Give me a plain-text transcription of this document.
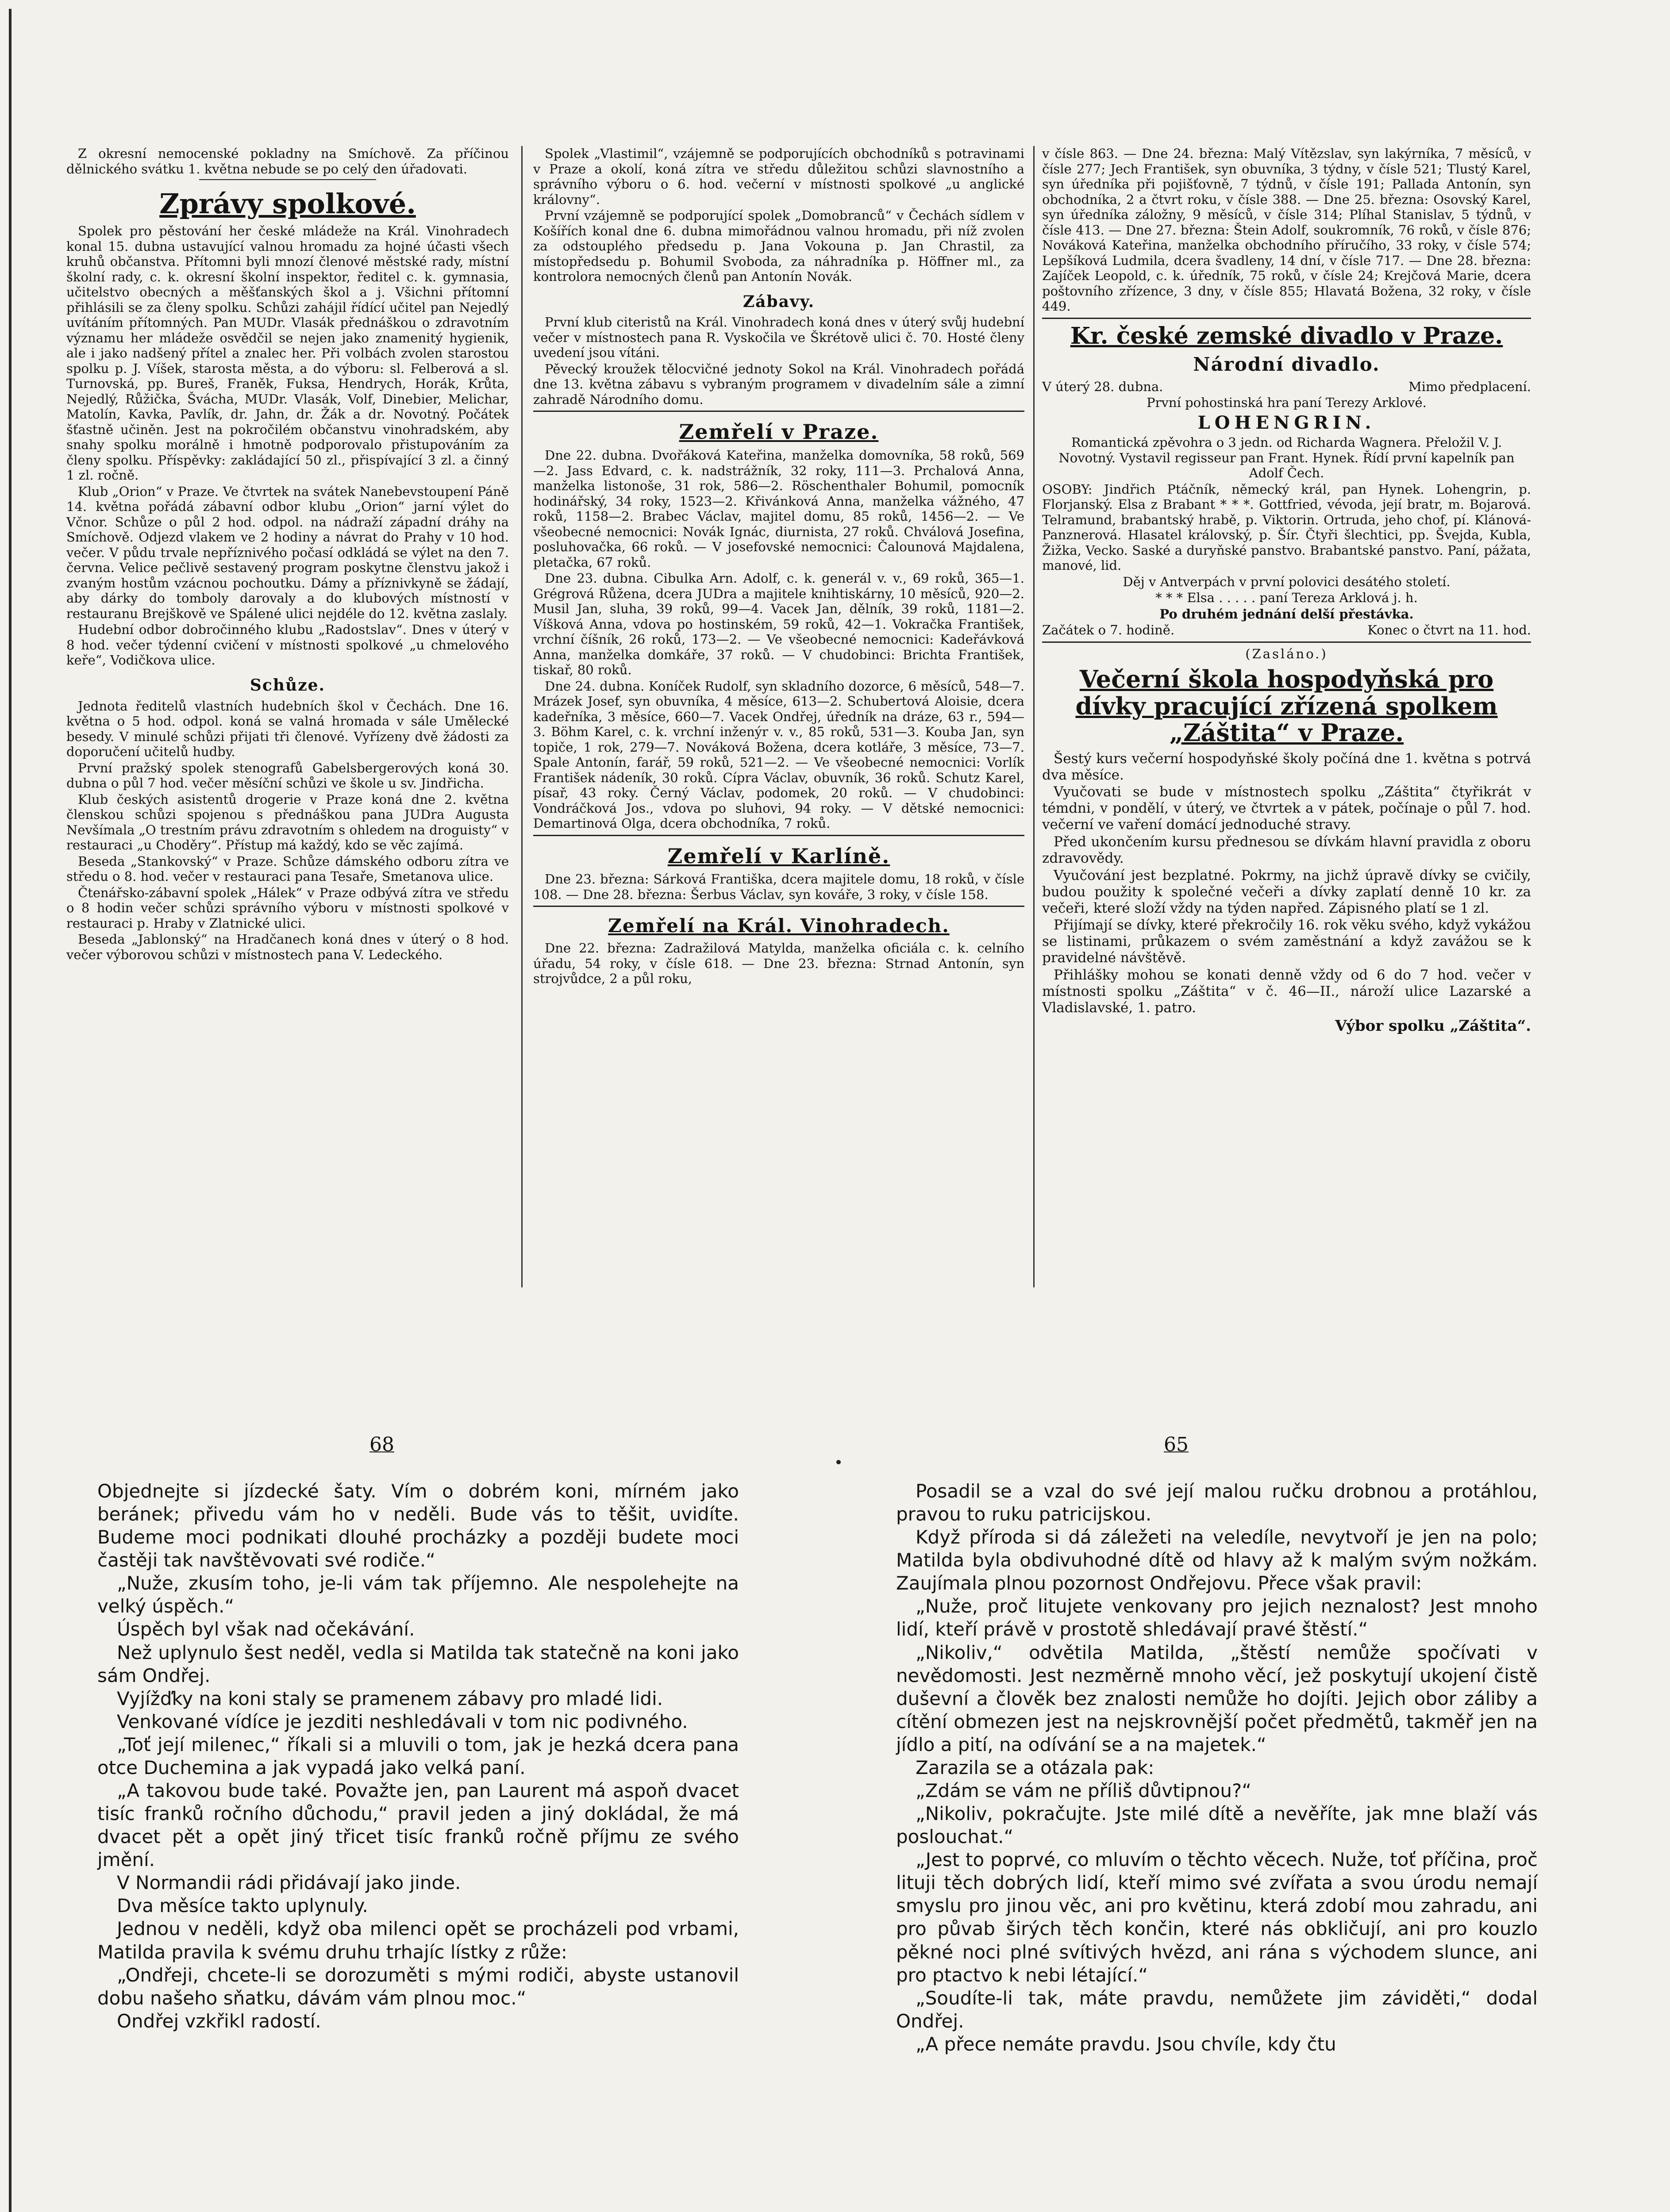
Z okresní nemocenské pokladny na Smíchově. Za příčinou dělnického svátku 1. května nebude se po celý den úřadovati.

Zprávy spolkové.

Spolek pro pěstování her české mládeže na Král. Vinohradech konal 15. dubna ustavující valnou hromadu za hojné účasti všech kruhů občanstva. Přítomni byli mnozí členové městské rady, místní školní rady, c. k. okresní školní inspektor, ředitel c. k. gymnasia, učitelstvo obecných a měšťanských škol a j. Všichni přítomní přihlásili se za členy spolku. Schůzi zahájil řídící učitel pan Nejedlý uvítáním přítomných. Pan MUDr. Vlasák přednáškou o zdravotním významu her mládeže osvědčil se nejen jako znamenitý hygienik, ale i jako nadšený přítel a znalec her. Při volbách zvolen starostou spolku p. J. Víšek, starosta města, a do výboru: sl. Felberová a sl. Turnovská, pp. Bureš, Franěk, Fuksa, Hendrych, Horák, Krůta, Nejedlý, Růžička, Švácha, MUDr. Vlasák, Volf, Dinebier, Melichar, Matolín, Kavka, Pavlík, dr. Jahn, dr. Žák a dr. Novotný. Počátek šťastně učiněn. Jest na pokročilém občanstvu vinohradském, aby snahy spolku morálně i hmotně podporovalo přistupováním za členy spolku. Příspěvky: zakládající 50 zl., přispívající 3 zl. a činný 1 zl. ročně.

Klub „Orion“ v Praze. Ve čtvrtek na svátek Nanebevstoupení Páně 14. května pořádá zábavní odbor klubu „Orion“ jarní výlet do Včnor. Schůze o půl 2 hod. odpol. na nádraží západní dráhy na Smíchově. Odjezd vlakem ve 2 hodiny a návrat do Prahy v 10 hod. večer. V půdu trvale nepříznivého počasí odkládá se výlet na den 7. června. Velice pečlivě sestavený program poskytne členstvu jakož i zvaným hostům vzácnou pochoutku. Dámy a příznivkyně se žádají, aby dárky do tomboly darovaly a do klubových místností v restauranu Brejškově ve Spálené ulici nejdéle do 12. května zaslaly.

Hudební odbor dobročinného klubu „Radostslav“. Dnes v úterý v 8 hod. večer týdenní cvičení v místnosti spolkové „u chmelového keře“, Vodičkova ulice.

Schůze.

Jednota ředitelů vlastních hudebních škol v Čechách. Dne 16. května o 5 hod. odpol. koná se valná hromada v sále Umělecké besedy. V minulé schůzi přijati tři členové. Vyřízeny dvě žádosti za doporučení učitelů hudby.

První pražský spolek stenografů Gabelsbergerových koná 30. dubna o půl 7 hod. večer měsíční schůzi ve škole u sv. Jindřicha.

Klub českých asistentů drogerie v Praze koná dne 2. května členskou schůzi spojenou s přednáškou pana JUDra Augusta Nevšímala „O trestním právu zdravotním s ohledem na droguisty“ v restauraci „u Choděry“. Přístup má každý, kdo se věc zajímá.

Beseda „Stankovský“ v Praze. Schůze dámského odboru zítra ve středu o 8. hod. večer v restauraci pana Tesaře, Smetanova ulice.

Čtenářsko-zábavní spolek „Hálek“ v Praze odbývá zítra ve středu o 8 hodin večer schůzi správního výboru v místnosti spolkové v restauraci p. Hraby v Zlatnické ulici.

Beseda „Jablonský“ na Hradčanech koná dnes v úterý o 8 hod. večer výborovou schůzi v místnostech pana V. Ledeckého.

Spolek „Vlastimil“, vzájemně se podporujících obchodníků s potravinami v Praze a okolí, koná zítra ve středu důležitou schůzi slavnostního a správního výboru o 6. hod. večerní v místnosti spolkové „u anglické královny“.

První vzájemně se podporující spolek „Domobranců“ v Čechách sídlem v Košířích konal dne 6. dubna mimořádnou valnou hromadu, při níž zvolen za odstouplého předsedu p. Jana Vokouna p. Jan Chrastil, za místopředsedu p. Bohumil Svoboda, za náhradníka p. Höffner ml., za kontrolora nemocných členů pan Antonín Novák.

Zábavy.

První klub citeristů na Král. Vinohradech koná dnes v úterý svůj hudební večer v místnostech pana R. Vyskočila ve Škrétově ulici č. 70. Hosté členy uvedení jsou vítáni.

Pěvecký kroužek tělocvičné jednoty Sokol na Král. Vinohradech pořádá dne 13. května zábavu s vybraným programem v divadelním sále a zimní zahradě Národního domu.

Zemřelí v Praze.

Dne 22. dubna. Dvořáková Kateřina, manželka domovníka, 58 roků, 569—2. Jass Edvard, c. k. nadstrážník, 32 roky, 111—3. Prchalová Anna, manželka listonoše, 31 rok, 586—2. Röschenthaler Bohumil, pomocník hodinářský, 34 roky, 1523—2. Křivánková Anna, manželka vážného, 47 roků, 1158—2. Brabec Václav, majitel domu, 85 roků, 1456—2. — Ve všeobecné nemocnici: Novák Ignác, diurnista, 27 roků. Chválová Josefina, posluhovačka, 66 roků. — V josefovské nemocnici: Čalounová Majdalena, pletačka, 67 roků.

Dne 23. dubna. Cibulka Arn. Adolf, c. k. generál v. v., 69 roků, 365—1. Grégrová Růžena, dcera JUDra a majitele knihtiskárny, 10 měsíců, 920—2. Musil Jan, sluha, 39 roků, 99—4. Vacek Jan, dělník, 39 roků, 1181—2. Víšková Anna, vdova po hostinském, 59 roků, 42—1. Vokračka František, vrchní číšník, 26 roků, 173—2. — Ve všeobecné nemocnici: Kadeřávková Anna, manželka domkáře, 37 roků. — V chudobinci: Brichta František, tiskař, 80 roků.

Dne 24. dubna. Koníček Rudolf, syn skladního dozorce, 6 měsíců, 548—7. Mrázek Josef, syn obuvníka, 4 měsíce, 613—2. Schubertová Aloisie, dcera kadeřníka, 3 měsíce, 660—7. Vacek Ondřej, úředník na dráze, 63 r., 594—3. Böhm Karel, c. k. vrchní inženýr v. v., 85 roků, 531—3. Kouba Jan, syn topiče, 1 rok, 279—7. Nováková Božena, dcera kotláře, 3 měsíce, 73—7. Spale Antonín, farář, 59 roků, 521—2. — Ve všeobecné nemocnici: Vorlík František nádeník, 30 roků. Cípra Václav, obuvník, 36 roků. Schutz Karel, písař, 43 roky. Černý Václav, podomek, 20 roků. — V chudobinci: Vondráčková Jos., vdova po sluhovi, 94 roky. — V dětské nemocnici: Demartinová Olga, dcera obchodníka, 7 roků.

Zemřelí v Karlíně.

Dne 23. března: Sárková Františka, dcera majitele domu, 18 roků, v čísle 108. — Dne 28. března: Šerbus Václav, syn kováře, 3 roky, v čísle 158.

Zemřelí na Král. Vinohradech.

Dne 22. března: Zadražilová Matylda, manželka oficiála c. k. celního úřadu, 54 roky, v čísle 618. — Dne 23. března: Strnad Antonín, syn strojvůdce, 2 a půl roku,

v čísle 863. — Dne 24. března: Malý Vítězslav, syn lakýrníka, 7 měsíců, v čísle 277; Jech František, syn obuvníka, 3 týdny, v čísle 521; Tlustý Karel, syn úředníka při pojišťovně, 7 týdnů, v čísle 191; Pallada Antonín, syn obchodníka, 2 a čtvrt roku, v čísle 388. — Dne 25. března: Osovský Karel, syn úředníka záložny, 9 měsíců, v čísle 314; Plíhal Stanislav, 5 týdnů, v čísle 413. — Dne 27. března: Štein Adolf, soukromník, 76 roků, v čísle 876; Nováková Kateřina, manželka obchodního příručího, 33 roky, v čísle 574; Lepšíková Ludmila, dcera švadleny, 14 dní, v čísle 717. — Dne 28. března: Zajíček Leopold, c. k. úředník, 75 roků, v čísle 24; Krejčová Marie, dcera poštovního zřízence, 3 dny, v čísle 855; Hlavatá Božena, 32 roky, v čísle 449.

Kr. české zemské divadlo v Praze.
Národní divadlo.

V úterý 28. dubna.	Mimo předplacení.

První pohostinská hra paní Terezy Arklové.

LOHENGRIN.

Romantická zpěvohra o 3 jedn. od Richarda Wagnera. Přeložil V. J. Novotný. Vystavil regisseur pan Frant. Hynek. Řídí první kapelník pan Adolf Čech.

OSOBY: Jindřich Ptáčník, německý král, pan Hynek. Lohengrin, p. Florjanský. Elsa z Brabant * * *. Gottfried, vévoda, její bratr, m. Bojarová. Telramund, brabantský hrabě, p. Viktorin. Ortruda, jeho chof, pí. Klánová-Panznerová. Hlasatel královský, p. Šír. Čtyři šlechtici, pp. Švejda, Kubla, Žižka, Vecko. Saské a duryňské panstvo. Brabantské panstvo. Paní, pážata, manové, lid.

Děj v Antverpách v první polovici desátého století.

* * * Elsa . . . . . paní Tereza Arklová j. h.

Po druhém jednání delší přestávka.

Začátek o 7. hodině.	Konec o čtvrt na 11. hod.

(Zasláno.)

Večerní škola hospodyňská pro dívky pracující zřízená spolkem „Záštita“ v Praze.

Šestý kurs večerní hospodyňské školy počíná dne 1. května s potrvá dva měsíce.

Vyučovati se bude v místnostech spolku „Záštita“ čtyřikrát v témdni, v pondělí, v úterý, ve čtvrtek a v pátek, počínaje o půl 7. hod. večerní ve vaření domácí jednoduché stravy.

Před ukončením kursu přednesou se dívkám hlavní pravidla z oboru zdravovědy.

Vyučování jest bezplatné. Pokrmy, na jichž úpravě dívky se cvičily, budou použity k společné večeři a dívky zaplatí denně 10 kr. za večeři, které složí vždy na týden napřed. Zápisného platí se 1 zl.

Přijímají se dívky, které překročily 16. rok věku svého, když vykážou se listinami, průkazem o svém zaměstnání a když zavážou se k pravidelné návštěvě.

Přihlášky mohou se konati denně vždy od 6 do 7 hod. večer v místnosti spolku „Záštita“ v č. 46—II., nároží ulice Lazarské a Vladislavské, 1. patro.

Výbor spolku „Záštita“.

68	65

Objednejte si jízdecké šaty. Vím o dobrém koni, mírném jako beránek; přivedu vám ho v neděli. Bude vás to těšit, uvidíte. Budeme moci podnikati dlouhé procházky a později budete moci častěji tak navštěvovati své rodiče.“

„Nuže, zkusím toho, je-li vám tak příjemno. Ale nespolehejte na velký úspěch.“

Úspěch byl však nad očekávání.

Než uplynulo šest neděl, vedla si Matilda tak statečně na koni jako sám Ondřej.

Vyjížďky na koni staly se pramenem zábavy pro mladé lidi.

Venkované vídíce je jezditi neshledávali v tom nic podivného.

„Toť její milenec,“ říkali si a mluvili o tom, jak je hezká dcera pana otce Duchemina a jak vypadá jako velká paní.

„A takovou bude také. Považte jen, pan Laurent má aspoň dvacet tisíc franků ročního důchodu,“ pravil jeden a jiný dokládal, že má dvacet pět a opět jiný třicet tisíc franků ročně příjmu ze svého jmění.

V Normandii rádi přidávají jako jinde.

Dva měsíce takto uplynuly.

Jednou v neděli, když oba milenci opět se procházeli pod vrbami, Matilda pravila k svému druhu trhajíc lístky z růže:

„Ondřeji, chcete-li se dorozuměti s mými rodiči, abyste ustanovil dobu našeho sňatku, dávám vám plnou moc.“

Ondřej vzkřikl radostí.

Posadil se a vzal do své její malou ručku drobnou a protáhlou, pravou to ruku patricijskou.

Když příroda si dá záležeti na veledíle, nevytvoří je jen na polo; Matilda byla obdivuhodné dítě od hlavy až k malým svým nožkám. Zaujímala plnou pozornost Ondřejovu. Přece však pravil:

„Nuže, proč litujete venkovany pro jejich neznalost? Jest mnoho lidí, kteří právě v prostotě shledávají pravé štěstí.“

„Nikoliv,“ odvětila Matilda, „štěstí nemůže spočívati v nevědomosti. Jest nezměrně mnoho věcí, jež poskytují ukojení čistě duševní a člověk bez znalosti nemůže ho dojíti. Jejich obor záliby a cítění obmezen jest na nejskrovnější počet předmětů, takměř jen na jídlo a pití, na odívání se a na majetek.“

Zarazila se a otázala pak:

„Zdám se vám ne příliš důvtipnou?“

„Nikoliv, pokračujte. Jste milé dítě a nevěříte, jak mne blaží vás poslouchat.“

„Jest to poprvé, co mluvím o těchto věcech. Nuže, toť příčina, proč lituji těch dobrých lidí, kteří mimo své zvířata a svou úrodu nemají smyslu pro jinou věc, ani pro květinu, která zdobí mou zahradu, ani pro půvab širých těch končin, které nás obkličují, ani pro kouzlo pěkné noci plné svítivých hvězd, ani rána s východem slunce, ani pro ptactvo k nebi létající.“

„Soudíte-li tak, máte pravdu, nemůžete jim záviděti,“ dodal Ondřej.

„A přece nemáte pravdu. Jsou chvíle, kdy čtu
